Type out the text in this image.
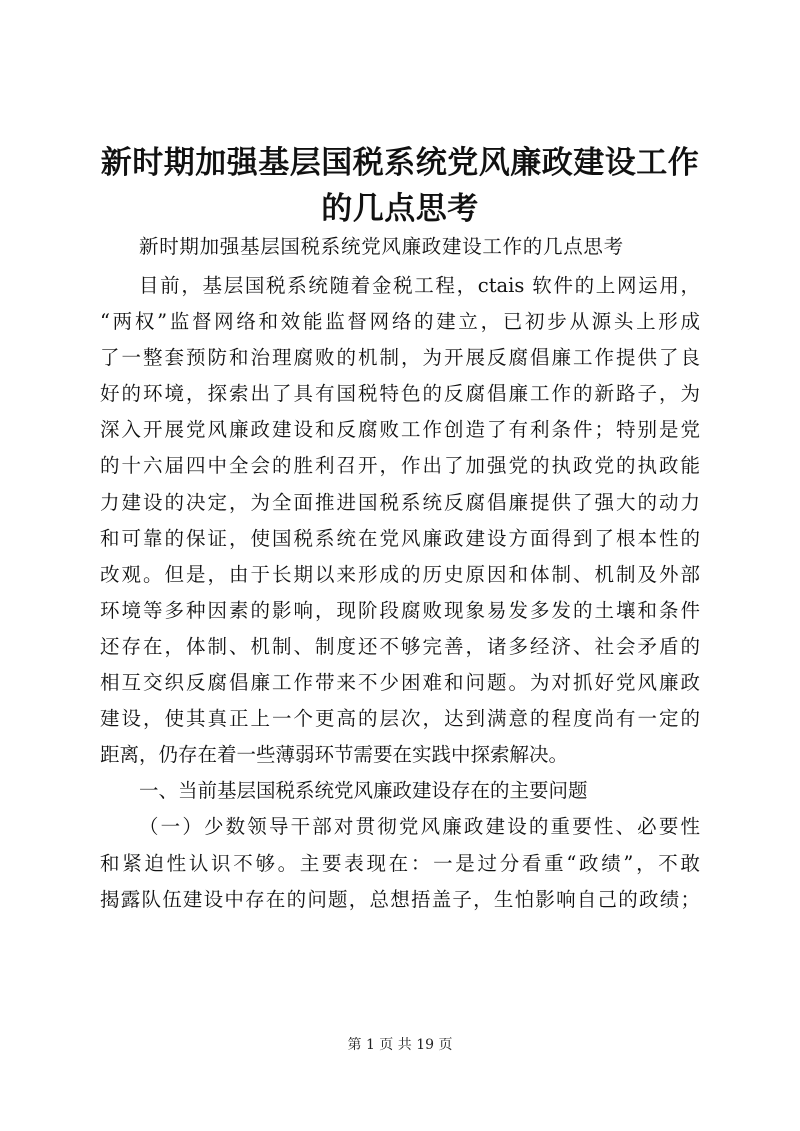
新时期加强基层国税系统党风廉政建设工作的几点思考

新时期加强基层国税系统党风廉政建设工作的几点思考

目前，基层国税系统随着金税工程，ctais 软件的上网运用，
“两权”监督网络和效能监督网络的建立，已初步从源头上形成
了一整套预防和治理腐败的机制，为开展反腐倡廉工作提供了良
好的环境，探索出了具有国税特色的反腐倡廉工作的新路子，为
深入开展党风廉政建设和反腐败工作创造了有利条件；特别是党
的十六届四中全会的胜利召开，作出了加强党的执政党的执政能
力建设的决定，为全面推进国税系统反腐倡廉提供了强大的动力
和可靠的保证，使国税系统在党风廉政建设方面得到了根本性的
改观。但是，由于长期以来形成的历史原因和体制、机制及外部
环境等多种因素的影响，现阶段腐败现象易发多发的土壤和条件
还存在，体制、机制、制度还不够完善，诸多经济、社会矛盾的
相互交织反腐倡廉工作带来不少困难和问题。为对抓好党风廉政
建设，使其真正上一个更高的层次，达到满意的程度尚有一定的
距离，仍存在着一些薄弱环节需要在实践中探索解决。
一、当前基层国税系统党风廉政建设存在的主要问题
（一）少数领导干部对贯彻党风廉政建设的重要性、必要性
和紧迫性认识不够。主要表现在：一是过分看重“政绩”，不敢
揭露队伍建设中存在的问题，总想捂盖子，生怕影响自己的政绩；
第 1 页 共 19 页
